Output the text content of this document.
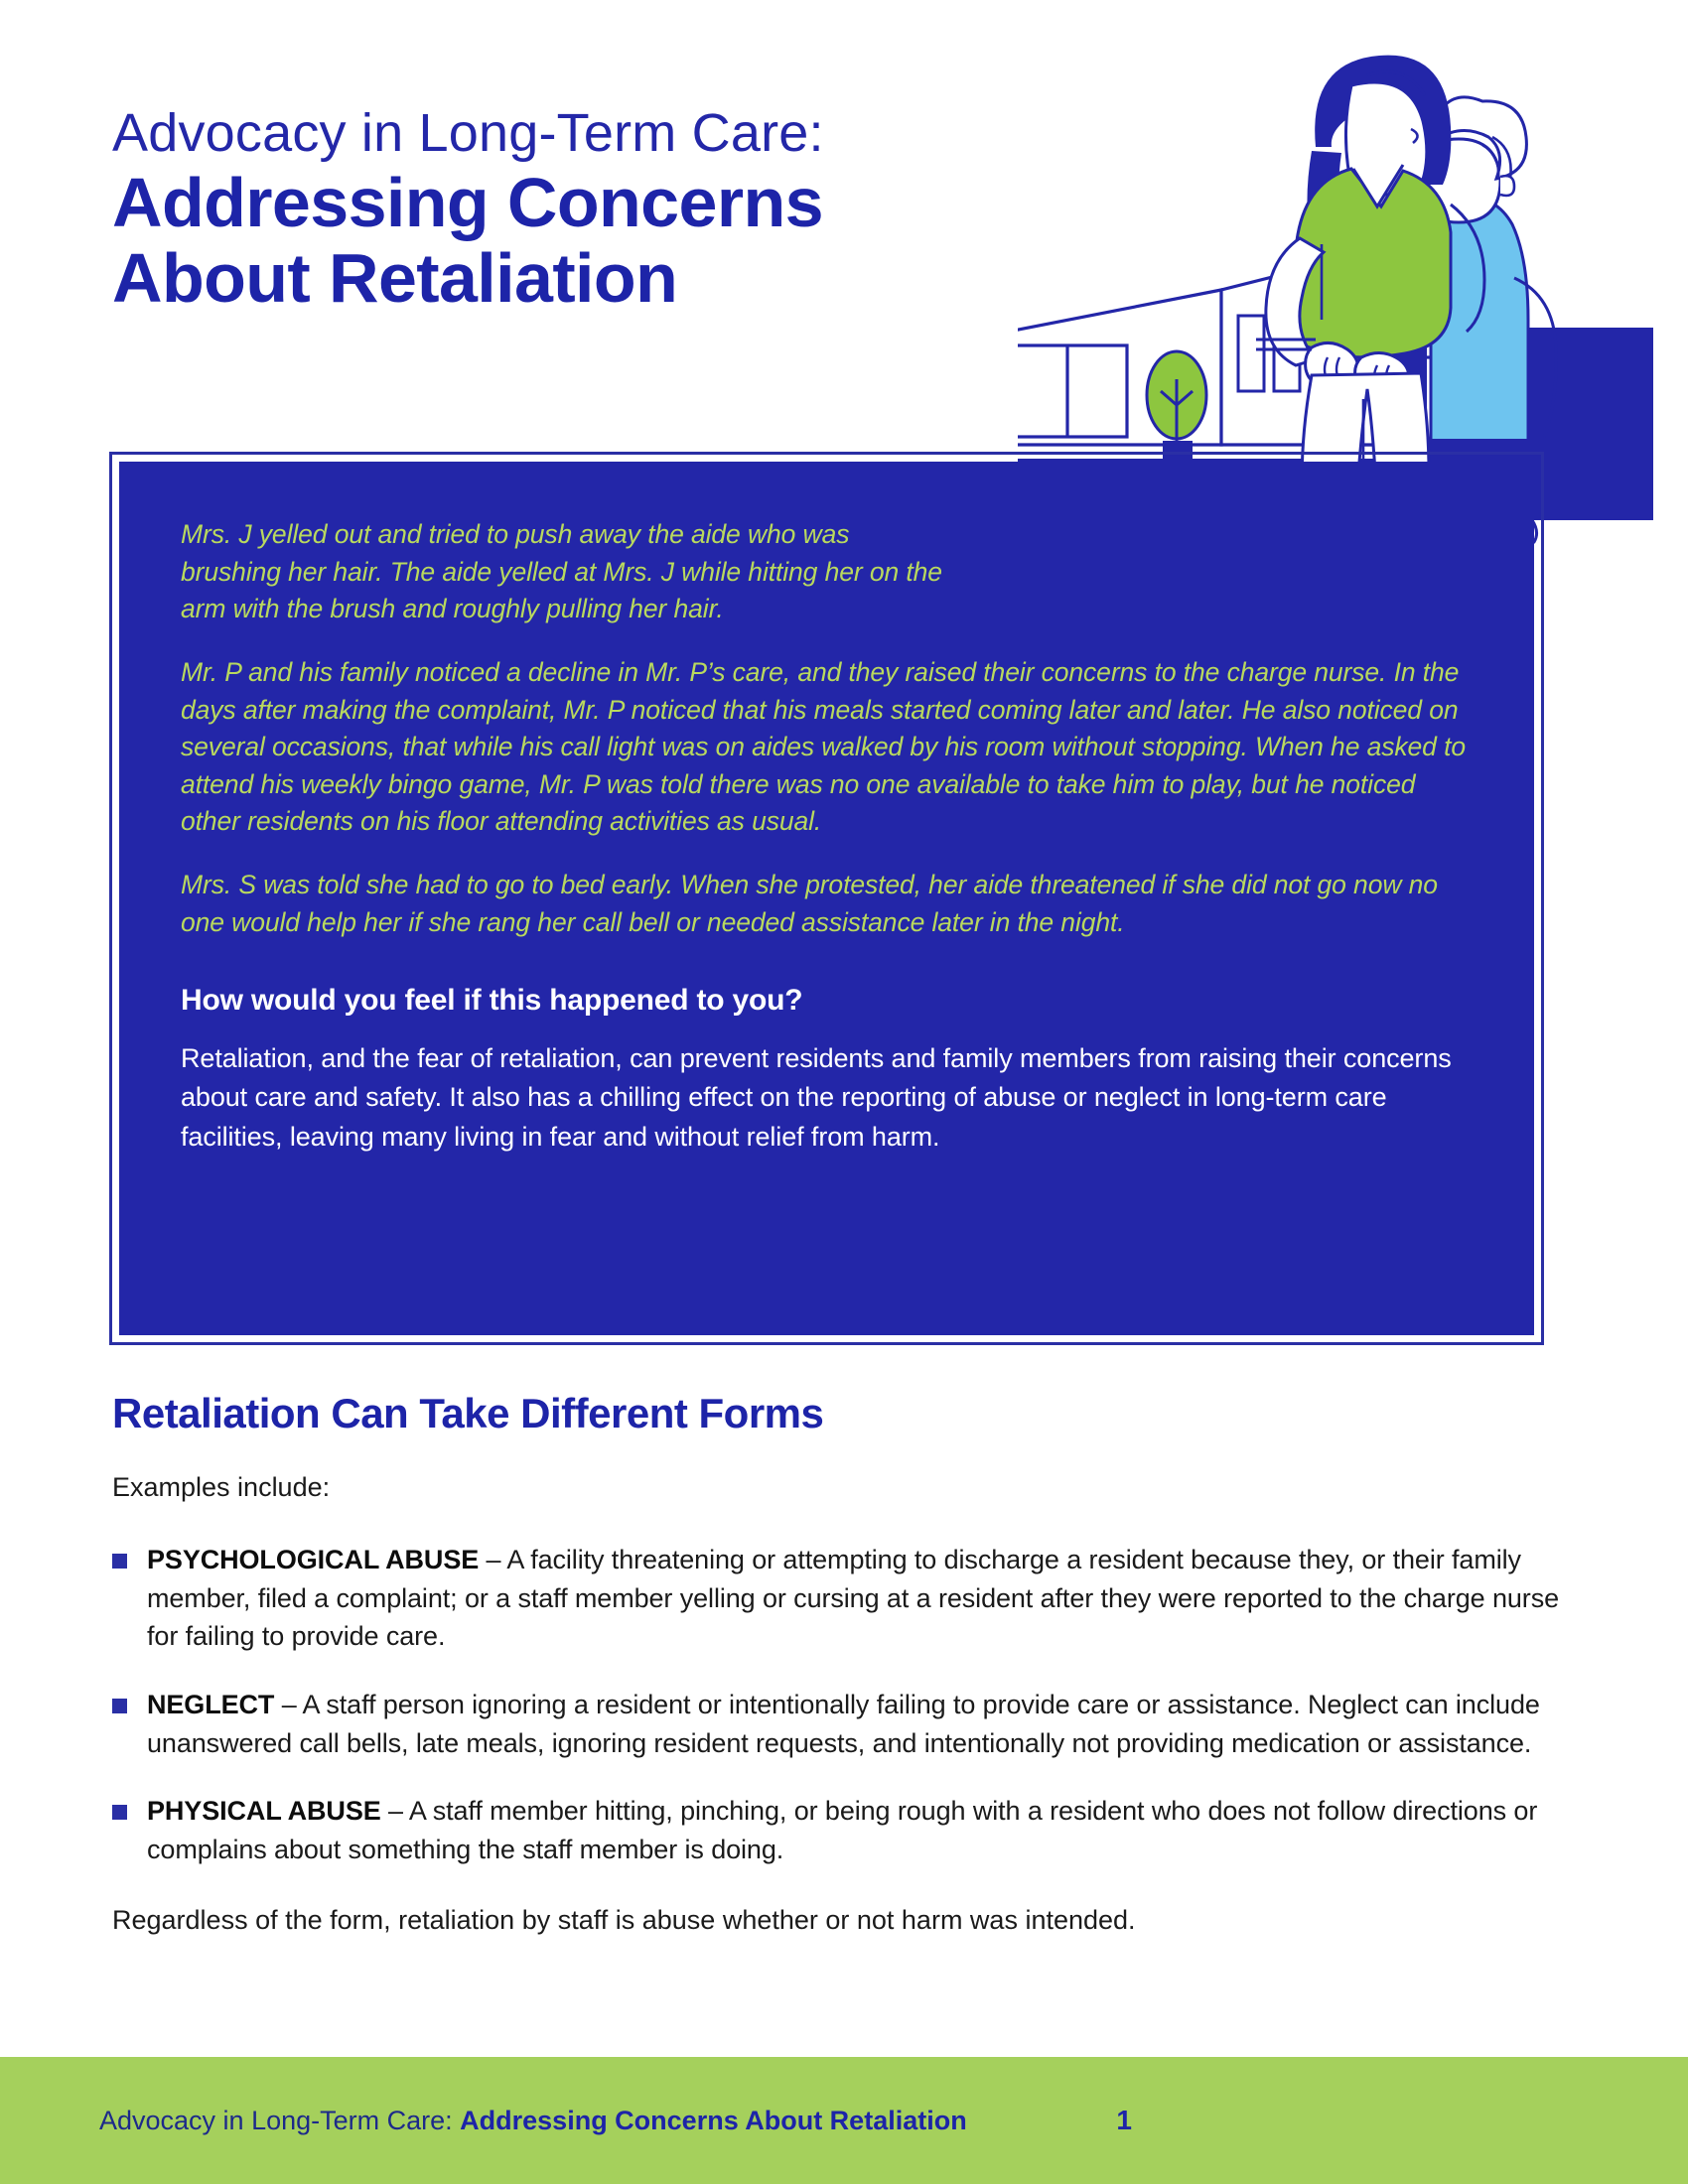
Advocacy in Long-Term Care:
Addressing Concerns
About Retaliation

Mrs. J yelled out and tried to push away the aide who was brushing her hair. The aide yelled at Mrs. J while hitting her on the arm with the brush and roughly pulling her hair.

Mr. P and his family noticed a decline in Mr. P’s care, and they raised their concerns to the charge nurse. In the days after making the complaint, Mr. P noticed that his meals started coming later and later. He also noticed on several occasions, that while his call light was on aides walked by his room without stopping. When he asked to attend his weekly bingo game, Mr. P was told there was no one available to take him to play, but he noticed other residents on his floor attending activities as usual.

Mrs. S was told she had to go to bed early. When she protested, her aide threatened if she did not go now no one would help her if she rang her call bell or needed assistance later in the night.

How would you feel if this happened to you?

Retaliation, and the fear of retaliation, can prevent residents and family members from raising their concerns about care and safety. It also has a chilling effect on the reporting of abuse or neglect in long-term care facilities, leaving many living in fear and without relief from harm.

Retaliation Can Take Different Forms

Examples include:

PSYCHOLOGICAL ABUSE – A facility threatening or attempting to discharge a resident because they, or their family member, filed a complaint; or a staff member yelling or cursing at a resident after they were reported to the charge nurse for failing to provide care.
NEGLECT – A staff person ignoring a resident or intentionally failing to provide care or assistance. Neglect can include unanswered call bells, late meals, ignoring resident requests, and intentionally not providing medication or assistance.
PHYSICAL ABUSE – A staff member hitting, pinching, or being rough with a resident who does not follow directions or complains about something the staff member is doing.

Regardless of the form, retaliation by staff is abuse whether or not harm was intended.

Advocacy in Long-Term Care: Addressing Concerns About Retaliation	1
